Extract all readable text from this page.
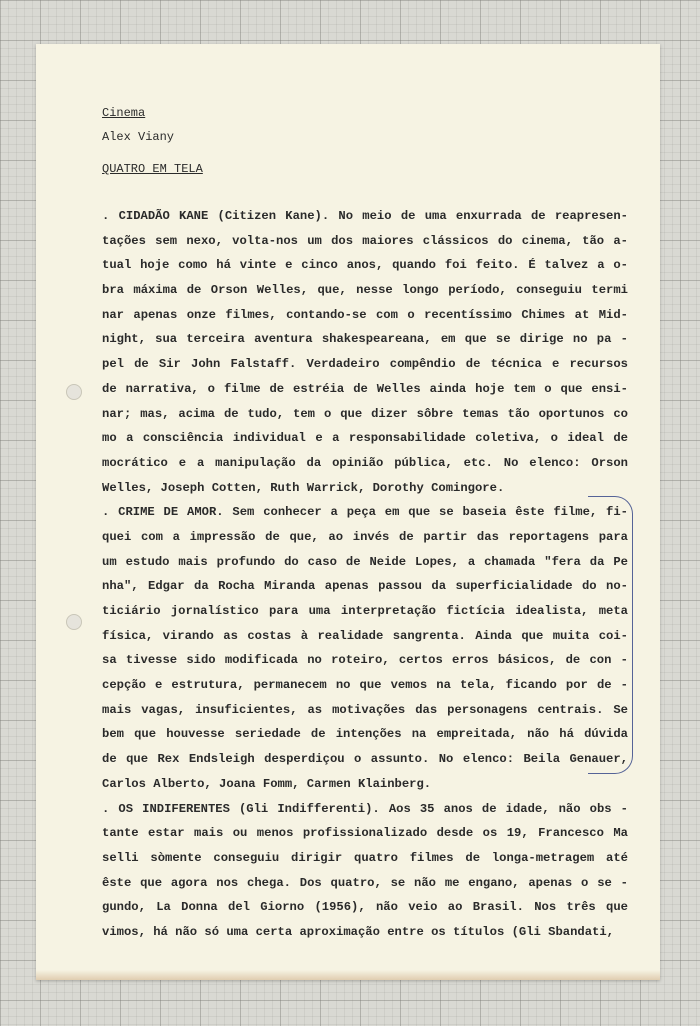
Cinema
Alex Viany
QUATRO EM TELA
. CIDADÃO KANE (Citizen Kane). No meio de uma enxurrada de reapresen-
tações sem nexo, volta-nos um dos maiores clássicos do cinema, tão a-
tual hoje como há vinte e cinco anos, quando foi feito. É talvez a o-
bra máxima de Orson Welles, que, nesse longo período, conseguiu termi
nar apenas onze filmes, contando-se com o recentíssimo Chimes at Mid-
night, sua terceira aventura shakespeareana, em que se dirige no pa -
pel de Sir John Falstaff. Verdadeiro compêndio de técnica e recursos
de narrativa, o filme de estréia de Welles ainda hoje tem o que ensi-
nar; mas, acima de tudo, tem o que dizer sôbre temas tão oportunos co
mo a consciência individual e a responsabilidade coletiva, o ideal de
mocrático e a manipulação da opinião pública, etc. No elenco: Orson
Welles, Joseph Cotten, Ruth Warrick, Dorothy Comingore.
. CRIME DE AMOR. Sem conhecer a peça em que se baseia êste filme, fi-
quei com a impressão de que, ao invés de partir das reportagens para
um estudo mais profundo do caso de Neide Lopes, a chamada "fera da Pe
nha", Edgar da Rocha Miranda apenas passou da superficialidade do no-
ticiário jornalístico para uma interpretação fictícia idealista, meta
física, virando as costas à realidade sangrenta. Ainda que muita coi-
sa tivesse sido modificada no roteiro, certos erros básicos, de con -
cepção e estrutura, permanecem no que vemos na tela, ficando por de -
mais vagas, insuficientes, as motivações das personagens centrais. Se
bem que houvesse seriedade de intenções na empreitada, não há dúvida
de que Rex Endsleigh desperdiçou o assunto. No elenco: Beila Genauer,
Carlos Alberto, Joana Fomm, Carmen Klainberg.
. OS INDIFERENTES (Gli Indifferenti). Aos 35 anos de idade, não obs -
tante estar mais ou menos profissionalizado desde os 19, Francesco Ma
selli sòmente conseguiu dirigir quatro filmes de longa-metragem até
êste que agora nos chega. Dos quatro, se não me engano, apenas o se -
gundo, La Donna del Giorno (1956), não veio ao Brasil. Nos três que
vimos, há não só uma certa aproximação entre os títulos (Gli Sbandati,
